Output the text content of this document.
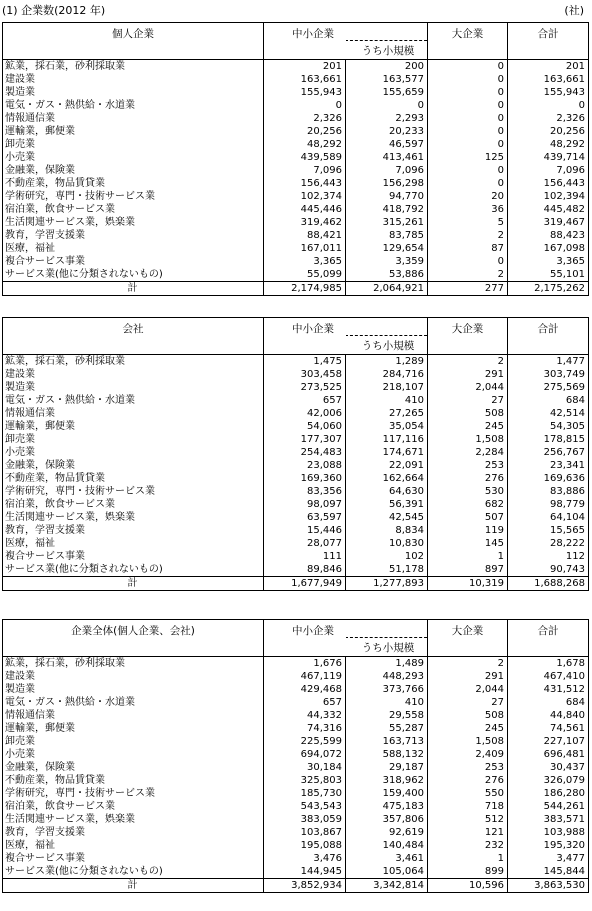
(1) 企業数(2012 年)	(社)
個人企業	中小企業	うち小規模	大企業	合計

鉱業，採石業，砂利採取業	201	200	0	201
建設業	163,661	163,577	0	163,661
製造業	155,943	155,659	0	155,943
電気・ガス・熱供給・水道業	0	0	0	0
情報通信業	2,326	2,293	0	2,326
運輸業，郵便業	20,256	20,233	0	20,256
卸売業	48,292	46,597	0	48,292
小売業	439,589	413,461	125	439,714
金融業，保険業	7,096	7,096	0	7,096
不動産業，物品賃貸業	156,443	156,298	0	156,443
学術研究，専門・技術サービス業	102,374	94,770	20	102,394
宿泊業，飲食サービス業	445,446	418,792	36	445,482
生活関連サービス業，娯楽業	319,462	315,261	5	319,467
教育，学習支援業	88,421	83,785	2	88,423
医療，福祉	167,011	129,654	87	167,098
複合サービス事業	3,365	3,359	0	3,365
サービス業(他に分類されないもの)	55,099	53,886	2	55,101
計	2,174,985	2,064,921	277	2,175,262
会社	中小企業	うち小規模	大企業	合計

鉱業，採石業，砂利採取業	1,475	1,289	2	1,477
建設業	303,458	284,716	291	303,749
製造業	273,525	218,107	2,044	275,569
電気・ガス・熱供給・水道業	657	410	27	684
情報通信業	42,006	27,265	508	42,514
運輸業，郵便業	54,060	35,054	245	54,305
卸売業	177,307	117,116	1,508	178,815
小売業	254,483	174,671	2,284	256,767
金融業，保険業	23,088	22,091	253	23,341
不動産業，物品賃貸業	169,360	162,664	276	169,636
学術研究，専門・技術サービス業	83,356	64,630	530	83,886
宿泊業，飲食サービス業	98,097	56,391	682	98,779
生活関連サービス業，娯楽業	63,597	42,545	507	64,104
教育，学習支援業	15,446	8,834	119	15,565
医療，福祉	28,077	10,830	145	28,222
複合サービス事業	111	102	1	112
サービス業(他に分類されないもの)	89,846	51,178	897	90,743
計	1,677,949	1,277,893	10,319	1,688,268
企業全体(個人企業、会社)	中小企業	うち小規模	大企業	合計

鉱業，採石業，砂利採取業	1,676	1,489	2	1,678
建設業	467,119	448,293	291	467,410
製造業	429,468	373,766	2,044	431,512
電気・ガス・熱供給・水道業	657	410	27	684
情報通信業	44,332	29,558	508	44,840
運輸業，郵便業	74,316	55,287	245	74,561
卸売業	225,599	163,713	1,508	227,107
小売業	694,072	588,132	2,409	696,481
金融業，保険業	30,184	29,187	253	30,437
不動産業，物品賃貸業	325,803	318,962	276	326,079
学術研究，専門・技術サービス業	185,730	159,400	550	186,280
宿泊業，飲食サービス業	543,543	475,183	718	544,261
生活関連サービス業，娯楽業	383,059	357,806	512	383,571
教育，学習支援業	103,867	92,619	121	103,988
医療，福祉	195,088	140,484	232	195,320
複合サービス事業	3,476	3,461	1	3,477
サービス業(他に分類されないもの)	144,945	105,064	899	145,844
計	3,852,934	3,342,814	10,596	3,863,530
